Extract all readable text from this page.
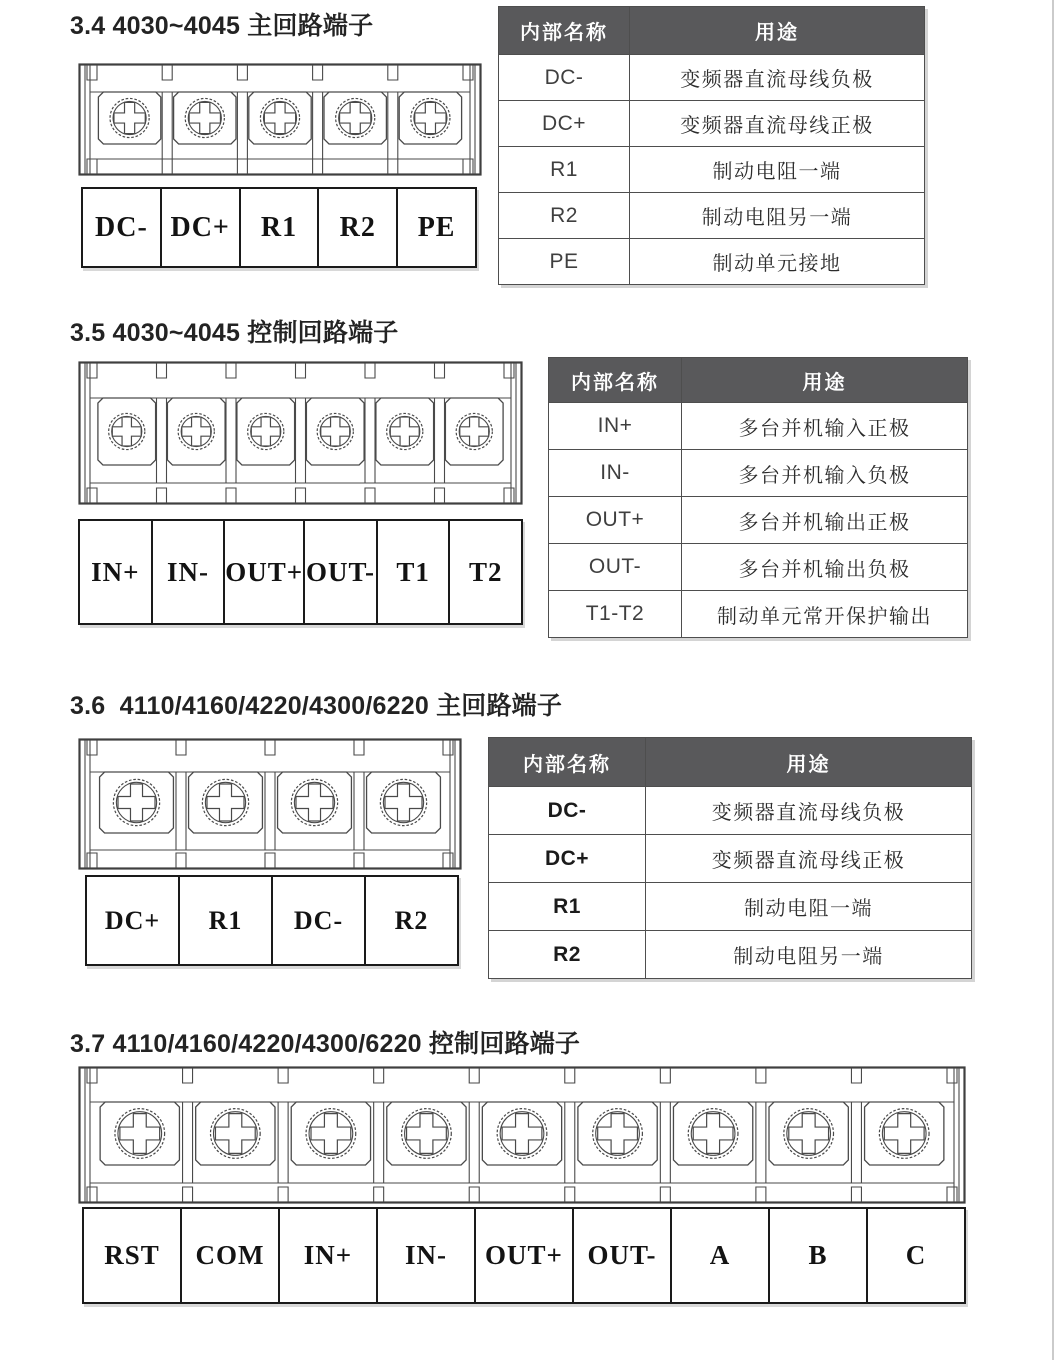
3.4 4030~4045 主回路端子
DC- DC+	R1	R2	PE
内部名称	用途
DC-	变频器直流母线负极
DC+	变频器直流母线正极
R1	制动电阻一端
R2	制动电阻另一端
PE	制动单元接地
3.5 4030~4045 控制回路端子
IN+	IN- OUT+ OUT- T1	T2
内部名称	用途
IN+	多台并机输入正极
IN-	多台并机输入负极
OUT+	多台并机输出正极
OUT-	多台并机输出负极
T1-T2	制动单元常开保护输出
3.6  4110/4160/4220/4300/6220 主回路端子
DC+	R1	DC-	R2
内部名称	用途
DC-	变频器直流母线负极
DC+	变频器直流母线正极
R1	制动电阻一端
R2	制动电阻另一端
3.7 4110/4160/4220/4300/6220 控制回路端子
RST	COM	IN+	IN-	OUT+ OUT-	A	B	C
